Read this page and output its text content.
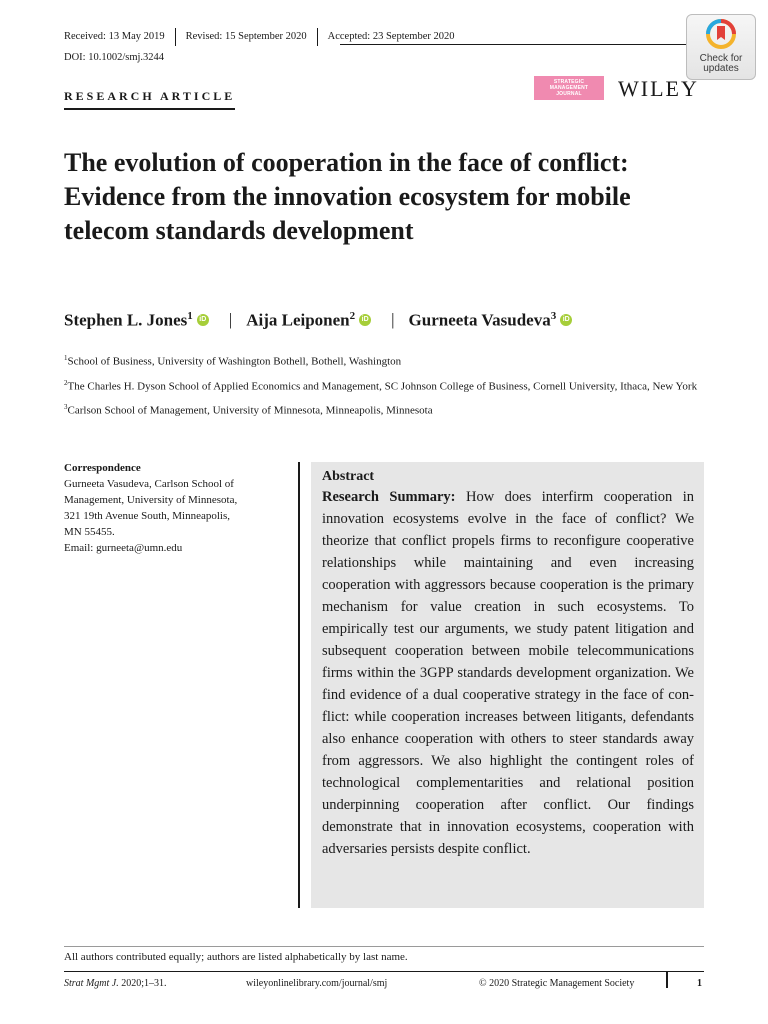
Received: 13 May 2019	Revised: 15 September 2020	Accepted: 23 September 2020
DOI: 10.1002/smj.3244	Check for
updates
STRATEGIC
MANAGEMENT
JOURNAL WILEY
RESEARCH ARTICLE
The evolution of cooperation in the face of conflict: Evidence from the innovation ecosystem for mobile telecom standards development
Stephen L. Jones$^1$ iD | Aija Leiponen$^2$ iD | Gurneeta Vasudeva$^3$ iD

$^1$School of Business, University of Washington Bothell, Bothell, Washington

$^2$The Charles H. Dyson School of Applied Economics and Management, SC Johnson College of Business, Cornell University, Ithaca, New York

$^3$Carlson School of Management, University of Minnesota, Minneapolis, Minnesota

Correspondence
Gurneeta Vasudeva, Carlson School of
Management, University of Minnesota,
321 19th Avenue South, Minneapolis,
MN 55455.
Email: gurneeta@umn.edu
Abstract

Research Summary: How does interfirm cooperation in innovation ecosystems evolve in the face of conflict? We theorize that conflict propels firms to reconfigure cooperative relationships while maintaining and even increasing cooperation with aggressors because cooperation is the primary mechanism for value creation in such ecosystems. To empirically test our arguments, we study patent litigation and subsequent cooperation between mobile telecommunications firms within the 3GPP standards development organization. We find evidence of a dual cooperative strategy in the face of conflict: while cooperation increases between litigants, defendants also enhance cooperation with others to steer standards away from aggressors. We also highlight the contingent roles of technological complementarities and relational position underpinning cooperation after conflict. Our findings demonstrate that in innovation ecosystems, cooperation with adversaries persists despite conflict.

All authors contributed equally; authors are listed alphabetically by last name.
Strat Mgmt J. 2020;1–31.	wileyonlinelibrary.com/journal/smj	© 2020 Strategic Management Society	1
